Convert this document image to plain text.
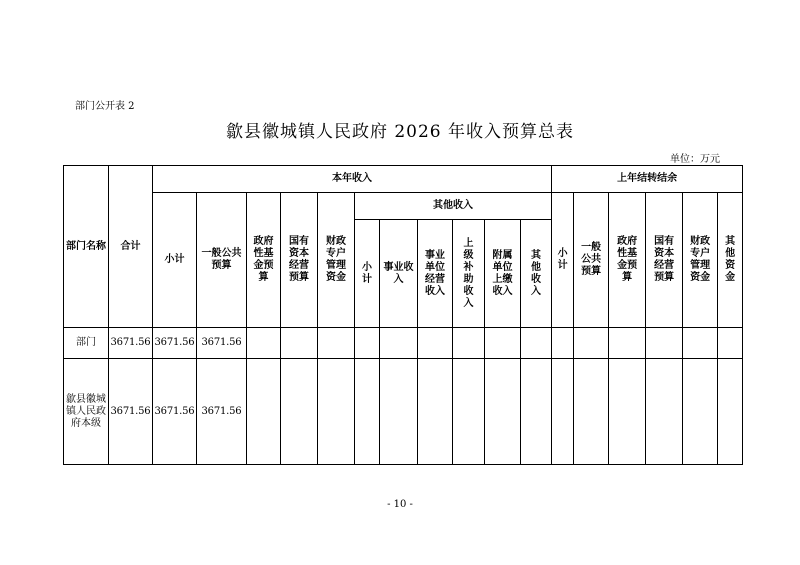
部门公开表 2
歙县徽城镇人民政府 2026 年收入预算总表
单位：万元
部门名称	合计	本年收入											上年结转结余					
		小计	一般公共预算	政府性基金预算	国有资本经营预算	财政专户管理资金	其他收入						小计	一般公共预算	政府性基金预算	国有资本经营预算	财政专户管理资金	其他资金
							小计	事业收入	事业单位经营收入	上级补助收入	附属单位上缴收入	其他收入						
部门	3671.56	3671.56	3671.56															
歙县徽城镇人民政府本级	3671.56	3671.56	3671.56															
- 10 -
